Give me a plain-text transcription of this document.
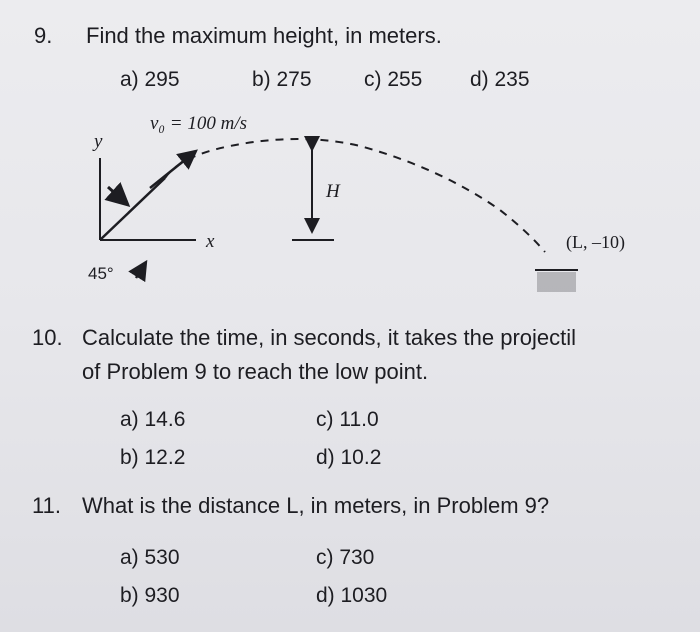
9. Find the maximum height, in meters.
a) 295	b) 275 c) 255 d) 235
v₀ = 100 m/s
y
x
H
45°
(L, –10)
10. Calculate the time, in seconds, it takes the projectil
of Problem 9 to reach the low point.
a) 14.6
b) 12.2
c) 11.0
d) 10.2
11. What is the distance L, in meters, in Problem 9?
a) 530
b) 930
c) 730
d) 1030
